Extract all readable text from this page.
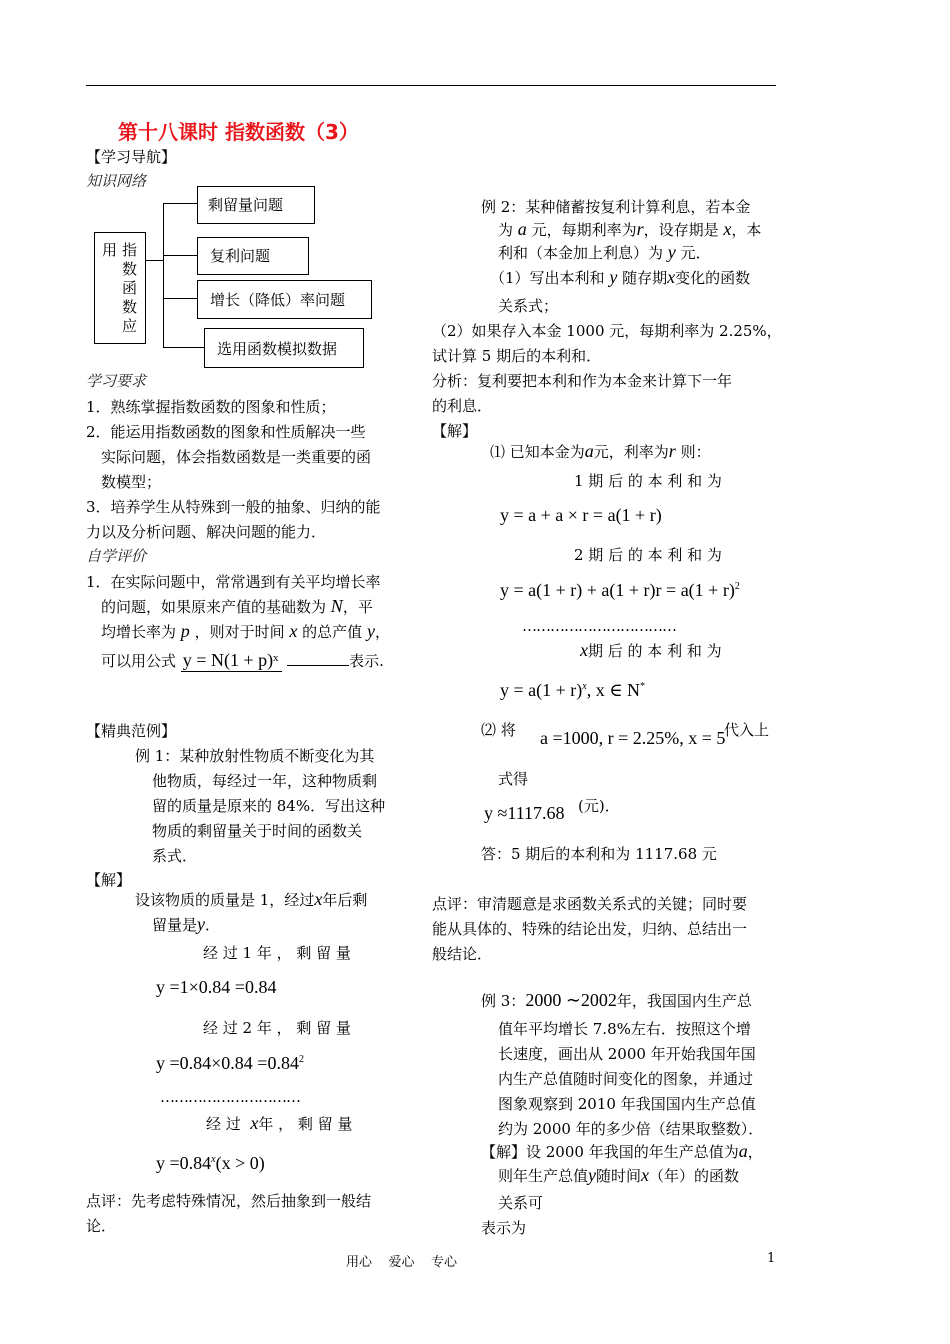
第十八课时 指数函数（3）
【学习导航】
知识网络
用 指
数
函
数
应
剩留量问题
复利问题
增长（降低）率问题
选用函数模拟数据
学习要求
1．熟练掌握指数函数的图象和性质；
2．能运用指数函数的图象和性质解决一些
实际问题，体会指数函数是一类重要的函
数模型；
3．培养学生从特殊到一般的抽象、归纳的能
力以及分析问题、解决问题的能力．
自学评价
1．在实际问题中，常常遇到有关平均增长率
的问题，如果原来产值的基础数为 N，平
均增长率为 p ，则对于时间 x 的总产值 y，
可以用公式 y = N(1 + p)ˣ	表示.
【精典范例】
例 1：某种放射性物质不断变化为其
他物质，每经过一年，这种物质剩
留的质量是原来的 84%．写出这种
物质的剩留量关于时间的函数关
系式．
【解】
设该物质的质量是 1，经过x年后剩
留量是y．
经 过 1 年 ， 剩 留 量
y =1×0.84 =0.84
经 过 2 年 ， 剩 留 量
$y =0.84\times 0.84 =0.84^2$
…………………………
经 过 x年 ， 剩 留 量
$y =0.84^x(x > 0)$
点评：先考虑特殊情况，然后抽象到一般结
论．
例 2：某种储蓄按复利计算利息，若本金
为 a 元，每期利率为r，设存期是 x，本
利和（本金加上利息）为 y 元．
（1）写出本利和 y 随存期x变化的函数
关系式；
（2）如果存入本金 1000 元，每期利率为 2.25%，
试计算 5 期后的本利和．
分析：复利要把本利和作为本金来计算下一年
的利息．
【解】
⑴ 已知本金为a元，利率为r 则：
1 期 后 的 本 利 和 为
y = a + a × r = a(1 + r)
2 期 后 的 本 利 和 为
$y = a(1 + r) + a(1 + r)r = a(1 + r)^2$
……………………………
x期 后 的 本 利 和 为
$y = a(1 + r)^x$, x ∈ N*
⑵ 将 a =1000, r = 2.25%, x = 5
代入上
式得
y ≈1117.68 (元)．
答：5 期后的本利和为 1117.68 元
点评：审清题意是求函数关系式的关键；同时要
能从具体的、特殊的结论出发，归纳、总结出一
般结论．
例 3：2000 ∼2002年，我国国内生产总
值年平均增长 7.8%左右．按照这个增
长速度，画出从 2000 年开始我国年国
内生产总值随时间变化的图象，并通过
图象观察到 2010 年我国国内生产总值
约为 2000 年的多少倍（结果取整数）．
【解】设 2000 年我国的年生产总值为a，
则年生产总值y随时间x（年）的函数
关系可
表示为
用心    爱心    专心	1
